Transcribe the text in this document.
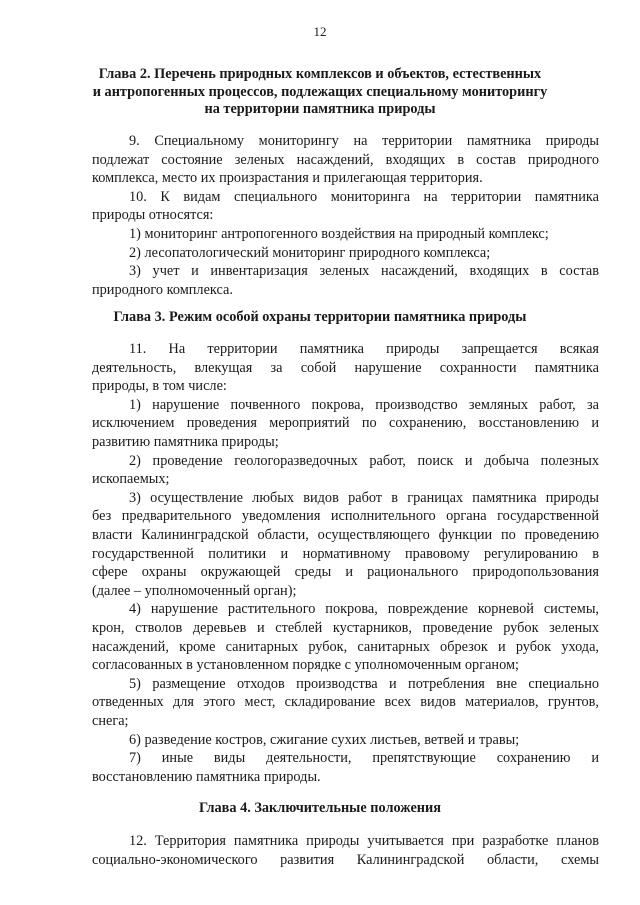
12
Глава 2. Перечень природных комплексов и объектов, естественных
и антропогенных процессов, подлежащих специальному мониторингу
на территории памятника природы
9. Специальному мониторингу на территории памятника природы
подлежат состояние зеленых насаждений, входящих в состав природного
комплекса, место их произрастания и прилегающая территория.
10. К видам специального мониторинга на территории памятника
природы относятся:
1) мониторинг антропогенного воздействия на природный комплекс;
2) лесопатологический мониторинг природного комплекса;
3) учет и инвентаризация зеленых насаждений, входящих в состав
природного комплекса.
Глава 3. Режим особой охраны территории памятника природы
11. На территории памятника природы запрещается всякая
деятельность, влекущая за собой нарушение сохранности памятника
природы, в том числе:
1) нарушение почвенного покрова, производство земляных работ, за
исключением проведения мероприятий по сохранению, восстановлению и
развитию памятника природы;
2) проведение геологоразведочных работ, поиск и добыча полезных
ископаемых;
3) осуществление любых видов работ в границах памятника природы
без предварительного уведомления исполнительного органа государственной
власти Калининградской области, осуществляющего функции по проведению
государственной политики и нормативному правовому регулированию в
сфере охраны окружающей среды и рационального природопользования
(далее – уполномоченный орган);
4) нарушение растительного покрова, повреждение корневой системы,
крон, стволов деревьев и стеблей кустарников, проведение рубок зеленых
насаждений, кроме санитарных рубок, санитарных обрезок и рубок ухода,
согласованных в установленном порядке с уполномоченным органом;
5) размещение отходов производства и потребления вне специально
отведенных для этого мест, складирование всех видов материалов, грунтов,
снега;
6) разведение костров, сжигание сухих листьев, ветвей и травы;
7) иные виды деятельности, препятствующие сохранению и
восстановлению памятника природы.
Глава 4. Заключительные положения
12. Территория памятника природы учитывается при разработке планов
социально-экономического развития Калининградской области, схемы
